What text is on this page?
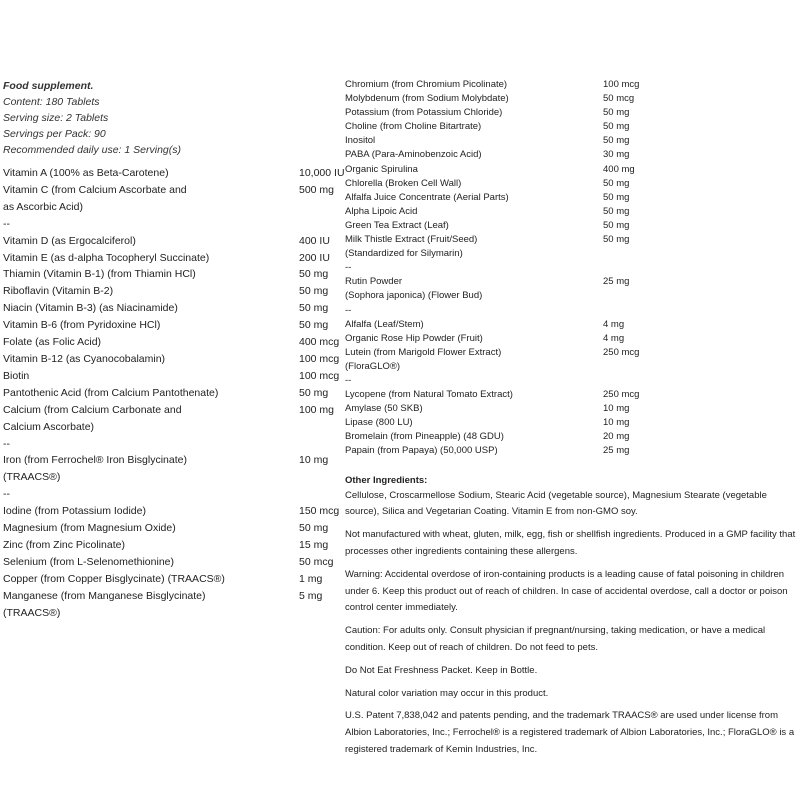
Food supplement.
Content: 180 Tablets
Serving size: 2 Tablets
Servings per Pack: 90
Recommended daily use: 1 Serving(s)
Vitamin A (100% as Beta-Carotene)	10,000 IU
Vitamin C (from Calcium Ascorbate and	500 mg
as Ascorbic Acid)
--
Vitamin D (as Ergocalciferol)	400 IU
Vitamin E (as d-alpha Tocopheryl Succinate)	200 IU
Thiamin (Vitamin B-1) (from Thiamin HCl)	50 mg
Riboflavin (Vitamin B-2)	50 mg
Niacin (Vitamin B-3) (as Niacinamide)	50 mg
Vitamin B-6 (from Pyridoxine HCl)	50 mg
Folate (as Folic Acid)	400 mcg
Vitamin B-12 (as Cyanocobalamin)	100 mcg
Biotin	100 mcg
Pantothenic Acid (from Calcium Pantothenate)	50 mg
Calcium (from Calcium Carbonate and	100 mg
Calcium Ascorbate)
--
Iron (from Ferrochel® Iron Bisglycinate)	10 mg
(TRAACS®)
--
Iodine (from Potassium Iodide)	150 mcg
Magnesium (from Magnesium Oxide)	50 mg
Zinc (from Zinc Picolinate)	15 mg
Selenium (from L-Selenomethionine)	50 mcg
Copper (from Copper Bisglycinate) (TRAACS®)	1 mg
Manganese (from Manganese Bisglycinate)	5 mg
(TRAACS®)
Chromium (from Chromium Picolinate)	100 mcg
Molybdenum (from Sodium Molybdate)	50 mcg
Potassium (from Potassium Chloride)	50 mg
Choline (from Choline Bitartrate)	50 mg
Inositol	50 mg
PABA (Para-Aminobenzoic Acid)	30 mg
Organic Spirulina	400 mg
Chlorella (Broken Cell Wall)	50 mg
Alfalfa Juice Concentrate (Aerial Parts)	50 mg
Alpha Lipoic Acid	50 mg
Green Tea Extract (Leaf)	50 mg
Milk Thistle Extract (Fruit/Seed)	50 mg
(Standardized for Silymarin)
--
Rutin Powder	25 mg
(Sophora japonica) (Flower Bud)
--
Alfalfa (Leaf/Stem)	4 mg
Organic Rose Hip Powder (Fruit)	4 mg
Lutein (from Marigold Flower Extract)	250 mcg
(FloraGLO®)
--
Lycopene (from Natural Tomato Extract)	250 mcg
Amylase (50 SKB)	10 mg
Lipase (800 LU)	10 mg
Bromelain (from Pineapple) (48 GDU)	20 mg
Papain (from Papaya) (50,000 USP)	25 mg
Other Ingredients:
Cellulose, Croscarmellose Sodium, Stearic Acid (vegetable source), Magnesium Stearate (vegetable source), Silica and Vegetarian Coating. Vitamin E from non-GMO soy.
Not manufactured with wheat, gluten, milk, egg, fish or shellfish ingredients. Produced in a GMP facility that processes other ingredients containing these allergens.
Warning: Accidental overdose of iron-containing products is a leading cause of fatal poisoning in children under 6. Keep this product out of reach of children. In case of accidental overdose, call a doctor or poison control center immediately.
Caution: For adults only. Consult physician if pregnant/nursing, taking medication, or have a medical condition. Keep out of reach of children. Do not feed to pets.
Do Not Eat Freshness Packet. Keep in Bottle.
Natural color variation may occur in this product.
U.S. Patent 7,838,042 and patents pending, and the trademark TRAACS® are used under license from Albion Laboratories, Inc.; Ferrochel® is a registered trademark of Albion Laboratories, Inc.; FloraGLO® is a registered trademark of Kemin Industries, Inc.
